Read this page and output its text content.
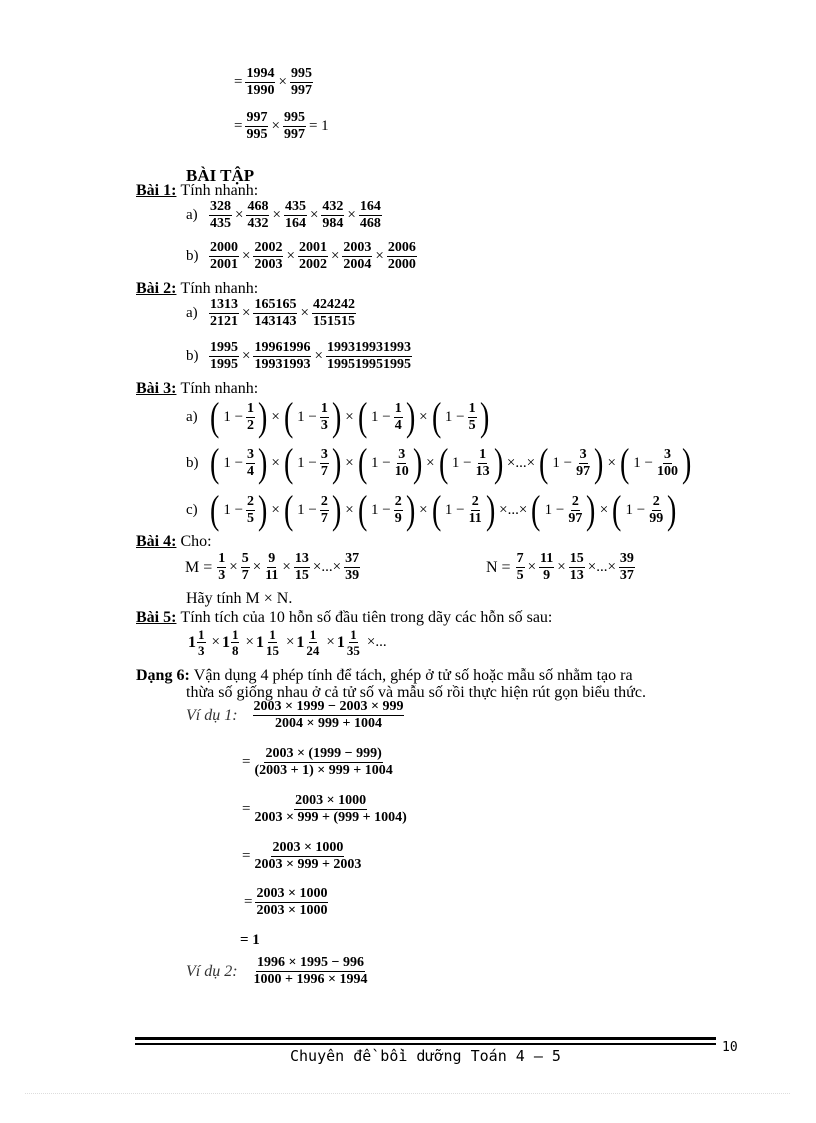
= $\frac{1994}{1990} \times \frac{995}{997}$
= $\frac{997}{995} \times \frac{995}{997} = 1$
BÀI TẬP
Bài 1: Tính nhanh:
$a) \frac{328}{435} \times \frac{468}{432} \times \frac{435}{164} \times \frac{432}{984} \times \frac{164}{468}$
$b) \frac{2000}{2001} \times \frac{2002}{2003} \times \frac{2001}{2002} \times \frac{2003}{2004} \times \frac{2006}{2000}$
Bài 2: Tính nhanh:
$a) \frac{1313}{2121} \times \frac{165165}{143143} \times \frac{424242}{151515}$
$b) \frac{1995}{1995} \times \frac{19961996}{19931993} \times \frac{199319931993}{199519951995}$
Bài 3: Tính nhanh:
a) ( $1 - \frac{1}{2}$ ) × ( $1 - \frac{1}{3}$ ) × ( $1 - \frac{1}{4}$ ) × ( $1 - \frac{1}{5}$ )
b) ( $1 - \frac{3}{4}$ ) × ( $1 - \frac{3}{7}$ ) × ( $1 - \frac{3}{10}$ ) × ( $1 - \frac{1}{13}$ ) ×...× ( $1 - \frac{3}{97}$ ) × ( $1 - \frac{3}{100}$ )
c) ( $1 - \frac{2}{5}$ ) × ( $1 - \frac{2}{7}$ ) × ( $1 - \frac{2}{9}$ ) × ( $1 - \frac{2}{11}$ ) ×...× ( $1 - \frac{2}{97}$ ) × ( $1 - \frac{2}{99}$ )
Bài 4: Cho:
$M = \frac{1}{3} \times \frac{5}{7} \times \frac{9}{11} \times \frac{13}{15}$ ×...× $\frac{37}{39}$	$N = \frac{7}{5} \times \frac{11}{9} \times \frac{15}{13}$ ×...× $\frac{39}{37}$
Hãy tính M × N.
Bài 5: Tính tích của 10 hỗn số đầu tiên trong dãy các hỗn số sau:
$1 \frac{1}{3} \times 1 \frac{1}{8} \times 1 \frac{1}{15} \times 1 \frac{1}{24} \times 1 \frac{1}{35}$ ×...
Dạng 6: Vận dụng 4 phép tính để tách, ghép ở tử số hoặc mẫu số nhằm tạo ra
thừa số giống nhau ở cả tử số và mẫu số rồi thực hiện rút gọn biểu thức.
Ví dụ 1: $\frac{2003 \times 1999 - 2003 \times 999}{2004 \times 999 + 1004}$
= $\frac{2003 \times (1999 - 999)}{(2003 + 1) \times 999 + 1004}$
= $\frac{2003 \times 1000}{2003 \times 999 + (999 + 1004)}$
= $\frac{2003 \times 1000}{2003 \times 999 + 2003}$
= $\frac{2003 \times 1000}{2003 \times 1000}$
= 1
Ví dụ 2: $\frac{1996 \times 1995 - 996}{1000 + 1996 \times 1994}$
Chuyên đề bồi dưỡng Toán 4 – 5	10
